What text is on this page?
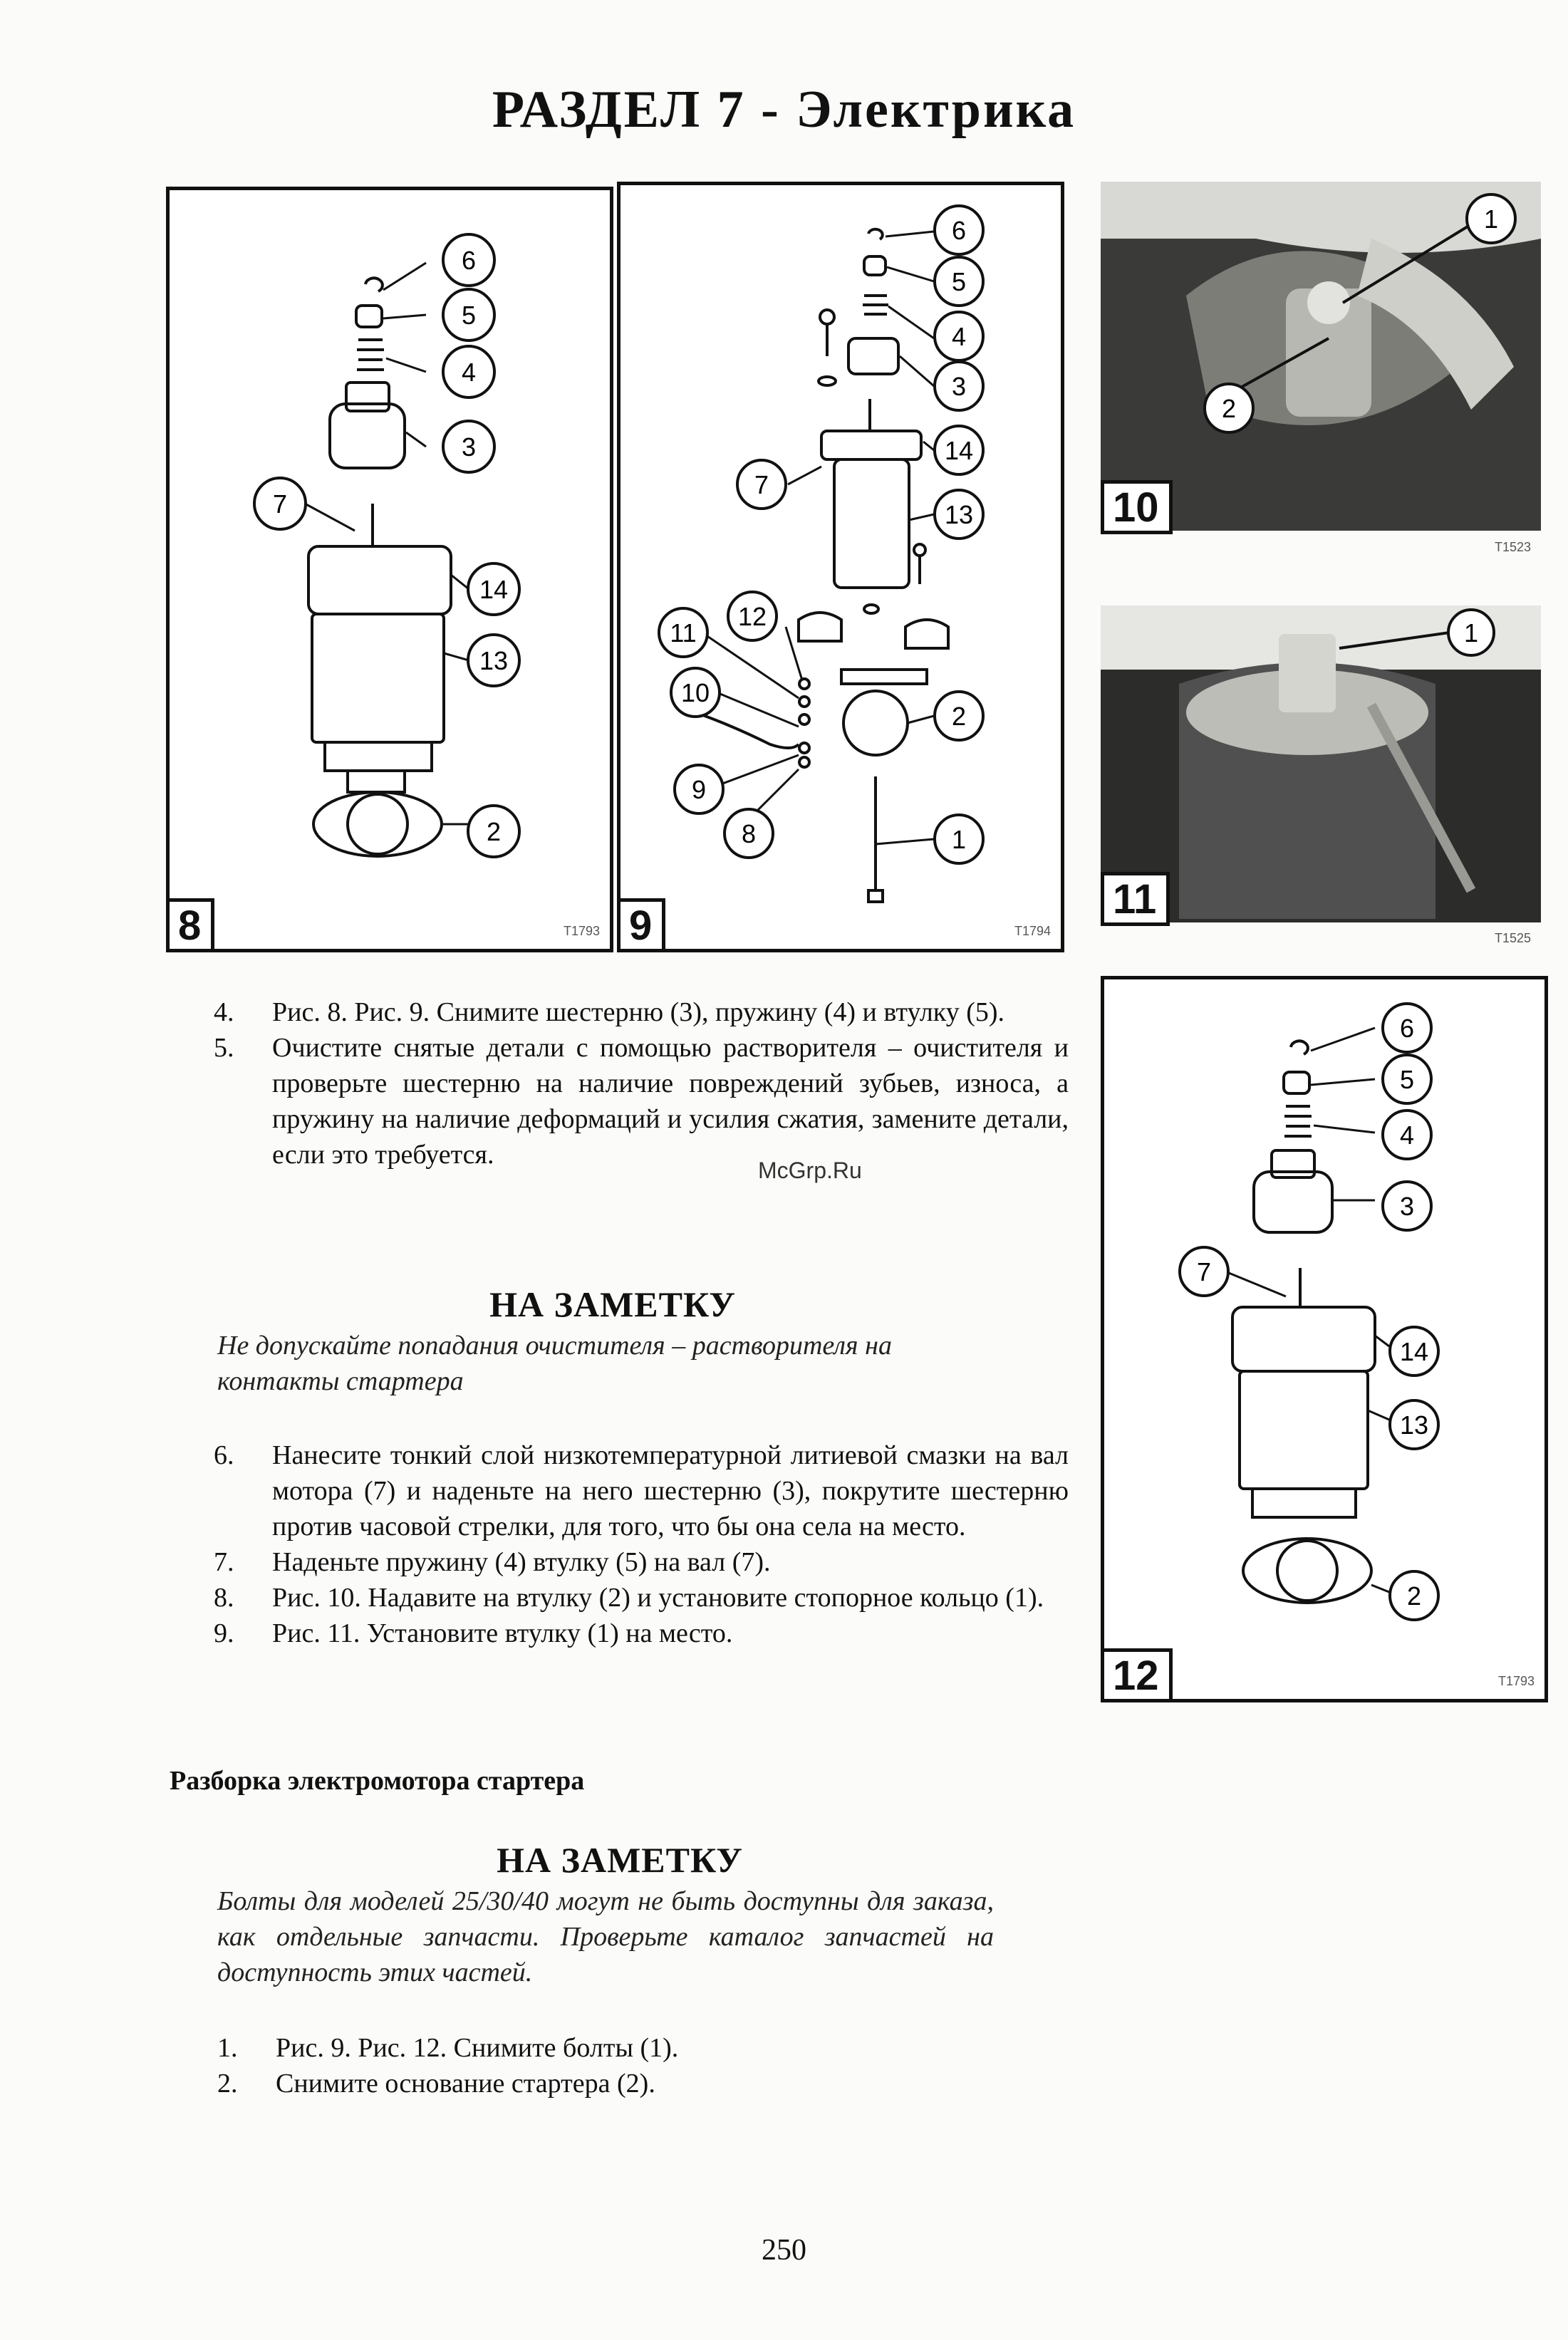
РАЗДЕЛ 7 - Электрика
6
5
4
3
7
14
13
2
8	T1793
6
5
4
3
14
7
13
12
11
10
2
9
8	1
9	T1794
1
2
10
T1523
1
11
T1525
6
5
4
3
7
14
13
2
12	T1793
4. Рис. 8. Рис. 9. Снимите шестерню (3), пружину (4) и втулку (5).
5. Очистите снятые детали с помощью растворителя – очистителя и проверьте шестерню на наличие повреждений зубьев, износа, а пружину на наличие деформаций и усилия сжатия, замените детали, если это требуется.
McGrp.Ru
НА ЗАМЕТКУ
Не допускайте попадания очистителя – растворителя на контакты стартера
6. Нанесите тонкий слой низкотемпературной литиевой смазки на вал мотора (7) и наденьте на него шестерню (3), покрутите шестерню против часовой стрелки, для того, что бы она села на место.
7. Наденьте пружину (4) втулку (5) на вал (7).
8. Рис. 10. Надавите на втулку (2) и установите стопорное кольцо (1).
9. Рис. 11. Установите втулку (1) на место.
Разборка электромотора стартера
НА ЗАМЕТКУ
Болты для моделей 25/30/40 могут не быть доступны для заказа, как отдельные запчасти. Проверьте каталог запчастей на доступность этих частей.
1. Рис. 9. Рис. 12. Снимите болты (1).
2. Снимите основание стартера (2).
250
